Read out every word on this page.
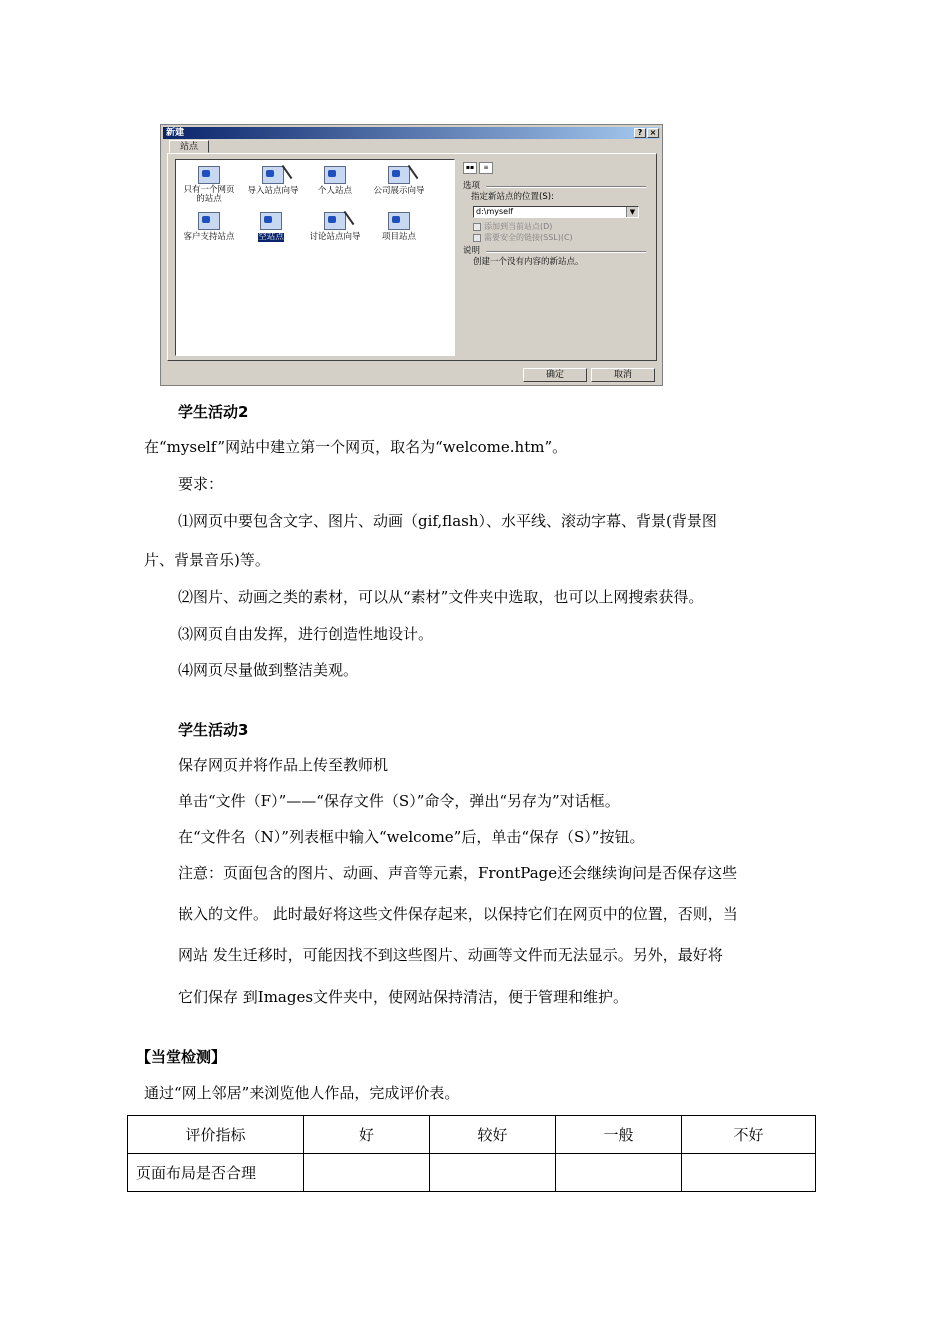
新建	? ×
站点
只有一个网页的站点
导入站点向导	个人站点	公司展示向导
客户支持站点	空站点	讨论站点向导	项目站点
▪▪ ≡
选项
指定新站点的位置(S):
d:\myself	▼
添加到当前站点(D)
需要安全的链接(SSL)(C)
说明
创建一个没有内容的新站点。
确定	取消
学生活动2
在“myself”网站中建立第一个网页，取名为“welcome.htm”。
要求：
⑴网页中要包含文字、图片、动画（gif,flash）、水平线、滚动字幕、背景(背景图
片、背景音乐)等。
⑵图片、动画之类的素材，可以从“素材”文件夹中选取，也可以上网搜索获得。
⑶网页自由发挥，进行创造性地设计。
⑷网页尽量做到整洁美观。
学生活动3
保存网页并将作品上传至教师机
单击“文件（F）”——“保存文件（S）”命令，弹出“另存为”对话框。
在“文件名（N）”列表框中输入“welcome”后，单击“保存（S）”按钮。
注意：页面包含的图片、动画、声音等元素，FrontPage还会继续询问是否保存这些
嵌入的文件。 此时最好将这些文件保存起来，以保持它们在网页中的位置，否则，当
网站 发生迁移时，可能因找不到这些图片、动画等文件而无法显示。另外，最好将
它们保存 到Images文件夹中，使网站保持清洁，便于管理和维护。
【当堂检测】
通过“网上邻居”来浏览他人作品，完成评价表。
评价指标	好	较好	一般	不好
页面布局是否合理				
